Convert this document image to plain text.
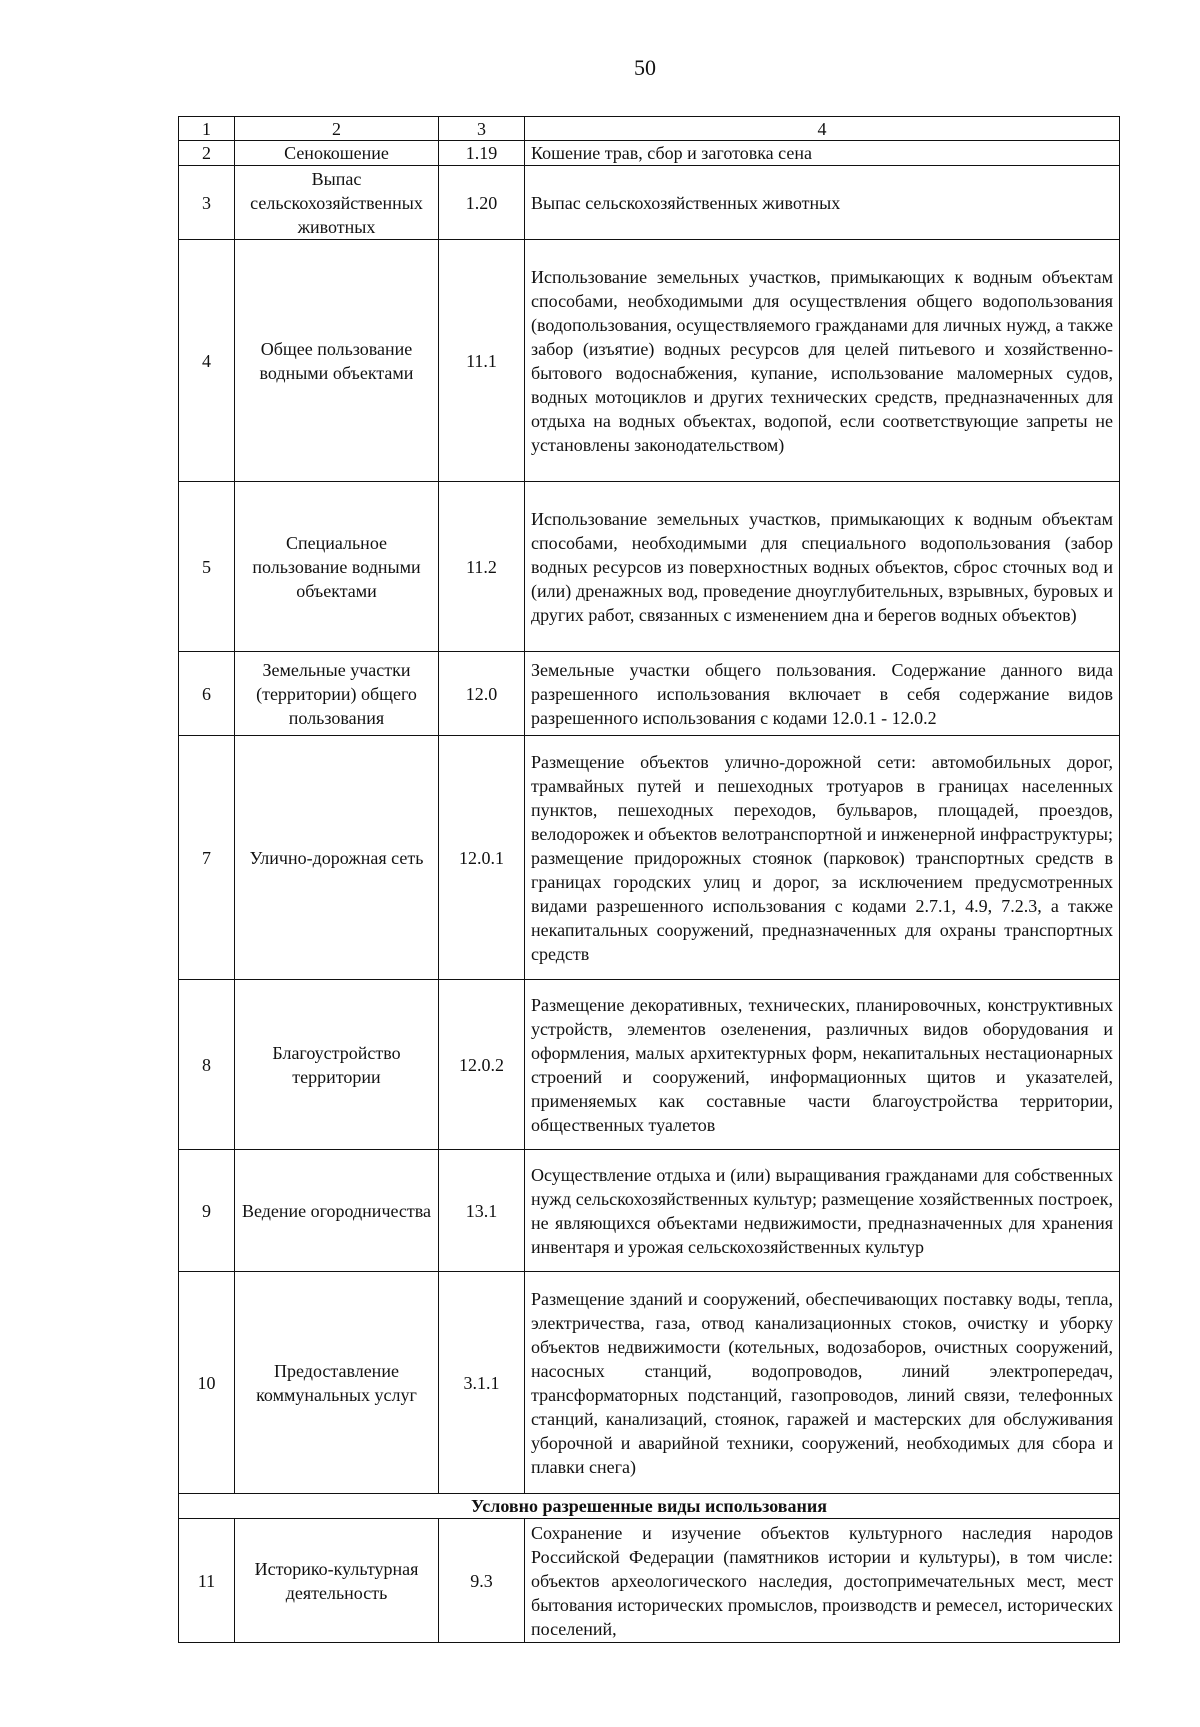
50
1	2	3	4
2	Сенокошение	1.19	Кошение трав, сбор и заготовка сена
3	Выпас сельскохозяйственных животных	1.20	Выпас сельскохозяйственных животных
4	Общее пользование водными объектами	11.1	Использование земельных участков, примыкающих к водным объектам способами, необходимыми для осуществления общего водопользования (водопользования, осуществляемого гражданами для личных нужд, а также забор (изъятие) водных ресурсов для целей питьевого и хозяйственно-бытового водоснабжения, купание, использование маломерных судов, водных мотоциклов и других технических средств, предназначенных для отдыха на водных объектах, водопой, если соответствующие запреты не установлены законодательством)
5	Специальное пользование водными объектами	11.2	Использование земельных участков, примыкающих к водным объектам способами, необходимыми для специального водопользования (забор водных ресурсов из поверхностных водных объектов, сброс сточных вод и (или) дренажных вод, проведение дноуглубительных, взрывных, буровых и других работ, связанных с изменением дна и берегов водных объектов)
6	Земельные участки (территории) общего пользования	12.0	Земельные участки общего пользования. Содержание данного вида разрешенного использования включает в себя содержание видов разрешенного использования с кодами 12.0.1 - 12.0.2
7	Улично-дорожная сеть	12.0.1	Размещение объектов улично-дорожной сети: автомобильных дорог, трамвайных путей и пешеходных тротуаров в границах населенных пунктов, пешеходных переходов, бульваров, площадей, проездов, велодорожек и объектов велотранспортной и инженерной инфраструктуры; размещение придорожных стоянок (парковок) транспортных средств в границах городских улиц и дорог, за исключением предусмотренных видами разрешенного использования с кодами 2.7.1, 4.9, 7.2.3, а также некапитальных сооружений, предназначенных для охраны транспортных средств
8	Благоустройство территории	12.0.2	Размещение декоративных, технических, планировочных, конструктивных устройств, элементов озеленения, различных видов оборудования и оформления, малых архитектурных форм, некапитальных нестационарных строений и сооружений, информационных щитов и указателей, применяемых как составные части благоустройства территории, общественных туалетов
9	Ведение огородничества	13.1	Осуществление отдыха и (или) выращивания гражданами для собственных нужд сельскохозяйственных культур; размещение хозяйственных построек, не являющихся объектами недвижимости, предназначенных для хранения инвентаря и урожая сельскохозяйственных культур
10	Предоставление коммунальных услуг	3.1.1	Размещение зданий и сооружений, обеспечивающих поставку воды, тепла, электричества, газа, отвод канализационных стоков, очистку и уборку объектов недвижимости (котельных, водозаборов, очистных сооружений, насосных станций, водопроводов, линий электропередач, трансформаторных подстанций, газопроводов, линий связи, телефонных станций, канализаций, стоянок, гаражей и мастерских для обслуживания уборочной и аварийной техники, сооружений, необходимых для сбора и плавки снега)
Условно разрешенные виды использования			
11	Историко-культурная деятельность	9.3	Сохранение и изучение объектов культурного наследия народов Российской Федерации (памятников истории и культуры), в том числе: объектов археологического наследия, достопримечательных мест, мест бытования исторических промыслов, производств и ремесел, исторических поселений,
